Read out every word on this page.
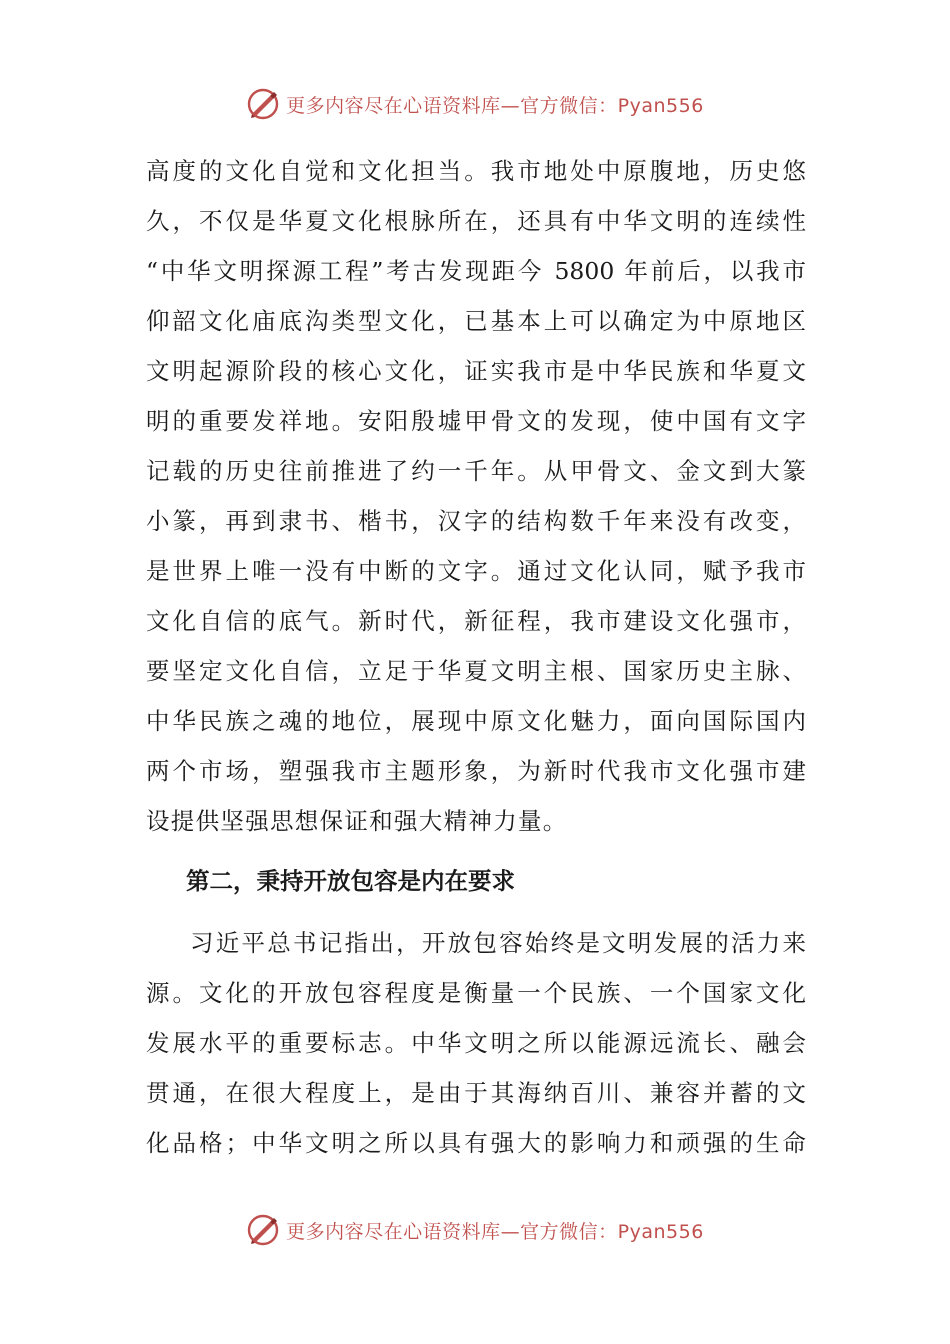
更多内容尽在心语资料库—官方微信：Pyan556
高度的文化自觉和文化担当。我市地处中原腹地，历史悠
久，不仅是华夏文化根脉所在，还具有中华文明的连续性
“中华文明探源工程”考古发现距今 5800 年前后，以我市
仰韶文化庙底沟类型文化，已基本上可以确定为中原地区
文明起源阶段的核心文化，证实我市是中华民族和华夏文
明的重要发祥地。安阳殷墟甲骨文的发现，使中国有文字
记载的历史往前推进了约一千年。从甲骨文、金文到大篆
小篆，再到隶书、楷书，汉字的结构数千年来没有改变，
是世界上唯一没有中断的文字。通过文化认同，赋予我市
文化自信的底气。新时代，新征程，我市建设文化强市，
要坚定文化自信，立足于华夏文明主根、国家历史主脉、
中华民族之魂的地位，展现中原文化魅力，面向国际国内
两个市场，塑强我市主题形象，为新时代我市文化强市建
设提供坚强思想保证和强大精神力量。
第二，秉持开放包容是内在要求
习近平总书记指出，开放包容始终是文明发展的活力来
源。文化的开放包容程度是衡量一个民族、一个国家文化
发展水平的重要标志。中华文明之所以能源远流长、融会
贯通，在很大程度上，是由于其海纳百川、兼容并蓄的文
化品格；中华文明之所以具有强大的影响力和顽强的生命
更多内容尽在心语资料库—官方微信：Pyan556
